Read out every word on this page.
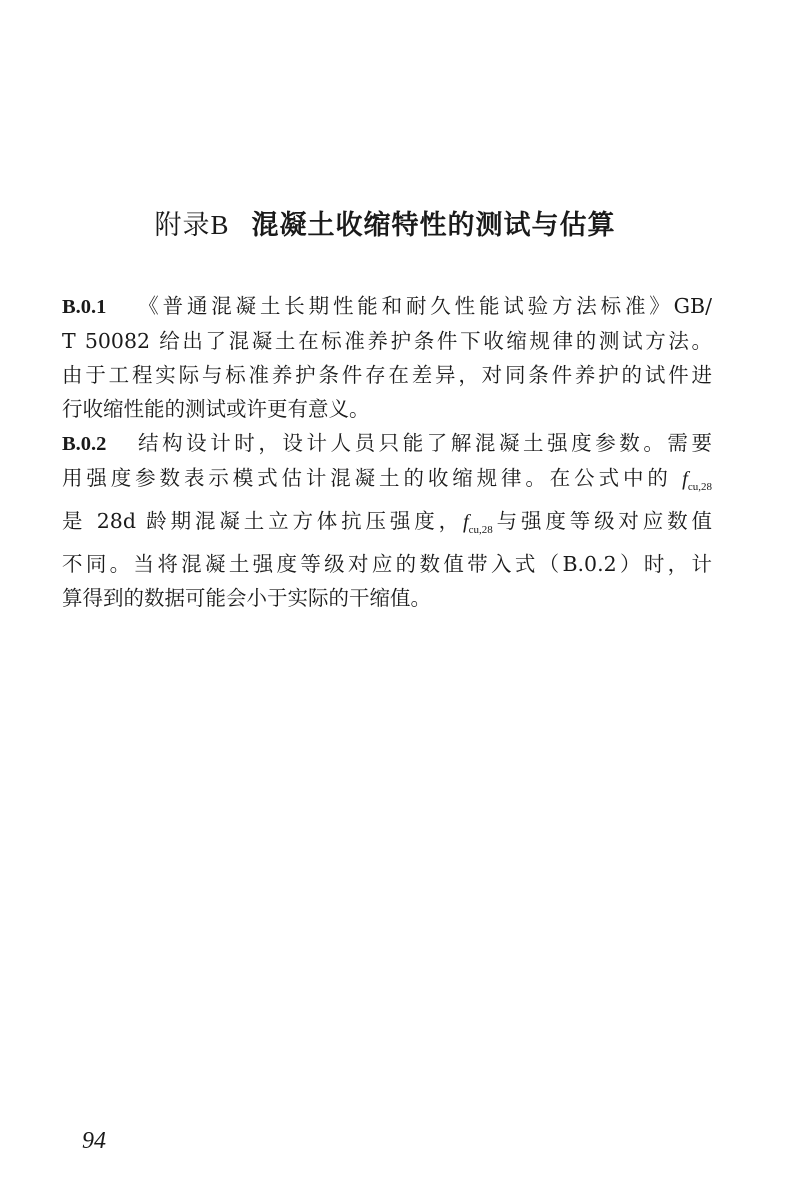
附录B 混凝土收缩特性的测试与估算
B.0.1 《普通混凝土长期性能和耐久性能试验方法标准》GB/
T 50082 给出了混凝土在标准养护条件下收缩规律的测试方法。
由于工程实际与标准养护条件存在差异，对同条件养护的试件进
行收缩性能的测试或许更有意义。
B.0.2 结构设计时，设计人员只能了解混凝土强度参数。需要
用强度参数表示模式估计混凝土的收缩规律。在公式中的 $f_{cu,28}$
是 28d 龄期混凝土立方体抗压强度，$f_{cu,28}$与强度等级对应数值
不同。当将混凝土强度等级对应的数值带入式（B.0.2）时，计
算得到的数据可能会小于实际的干缩值。
94
